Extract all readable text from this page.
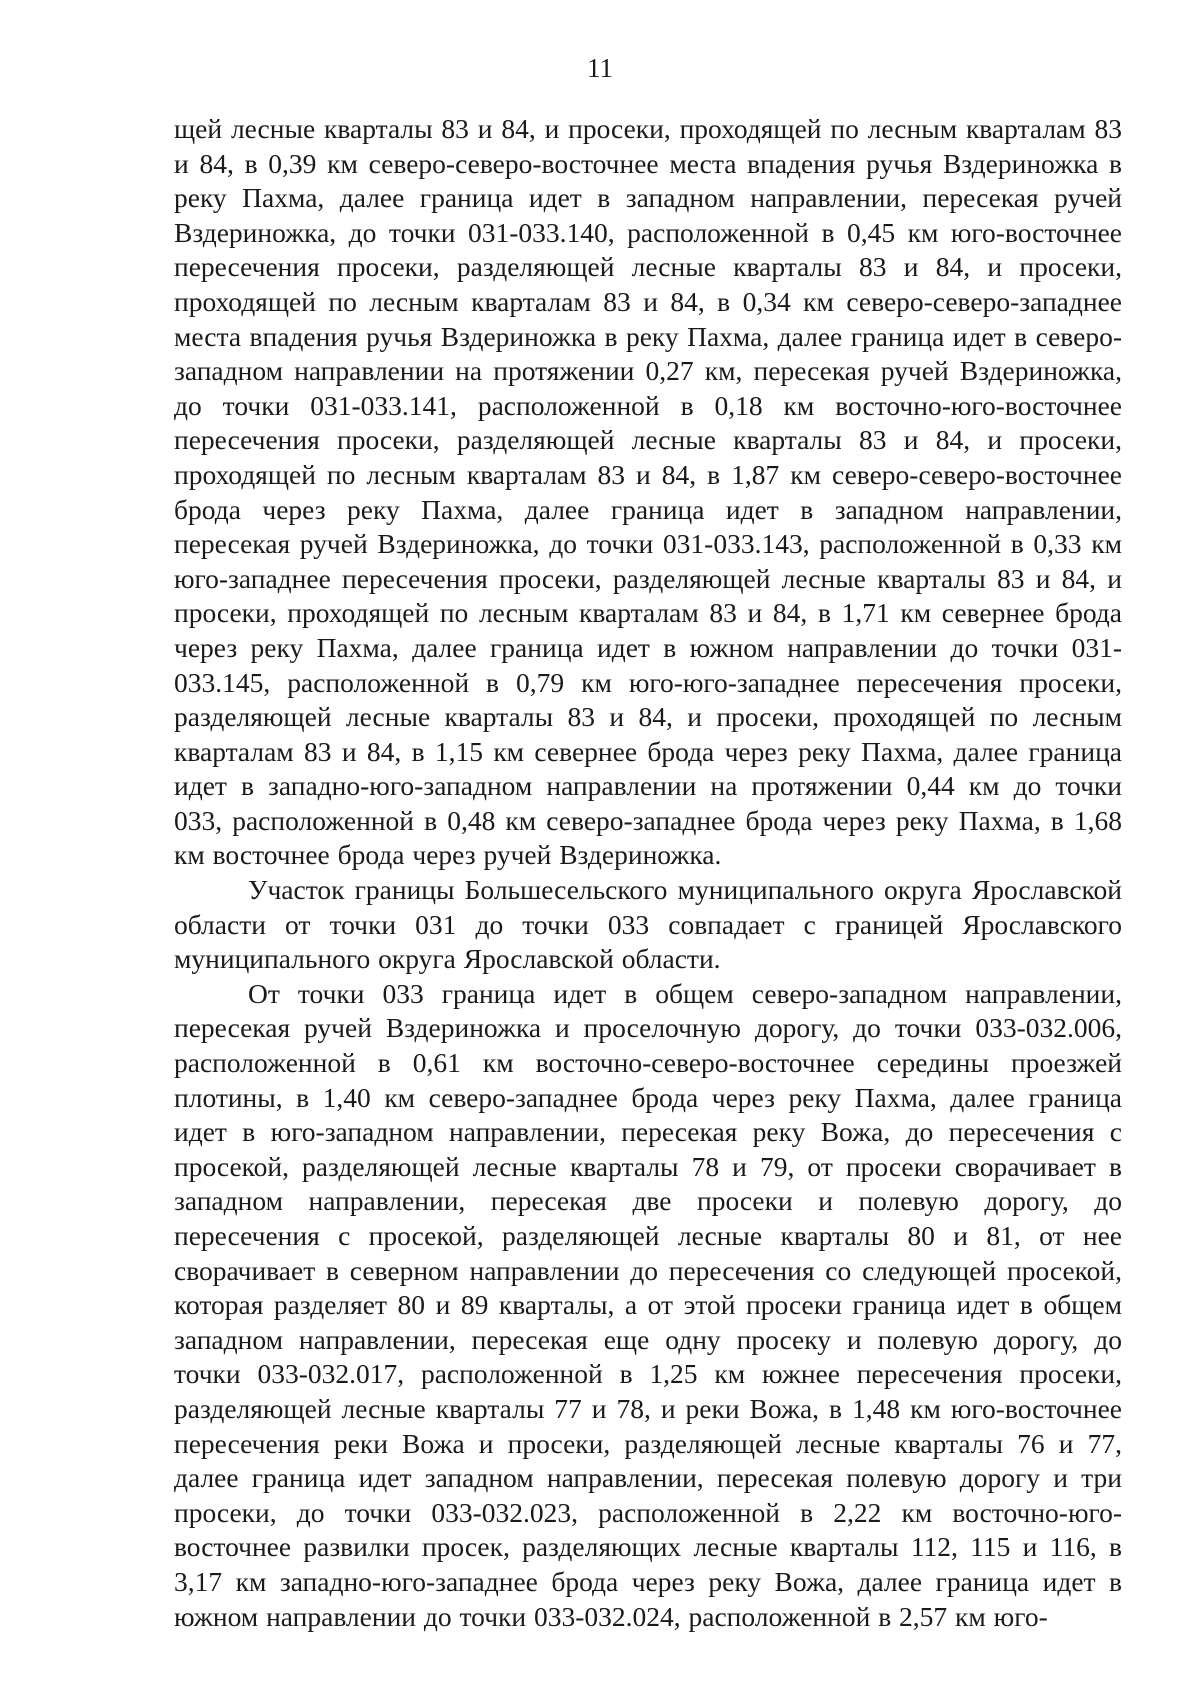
11

щей лесные кварталы 83 и 84, и просеки, проходящей по лесным кварталам 83 и 84, в 0,39 км северо-северо-восточнее места впадения ручья Вздериножка в реку Пахма, далее граница идет в западном направлении, пересекая ручей Вздериножка, до точки 031-033.140, расположенной в 0,45 км юго-восточнее пересечения просеки, разделяющей лесные кварталы 83 и 84, и просеки, проходящей по лесным кварталам 83 и 84, в 0,34 км северо-северо-западнее места впадения ручья Вздериножка в реку Пахма, далее граница идет в северо-западном направлении на протяжении 0,27 км, пересекая ручей Вздериножка, до точки 031-033.141, расположенной в 0,18 км восточно-юго-восточнее пересечения просеки, разделяющей лесные кварталы 83 и 84, и просеки, проходящей по лесным кварталам 83 и 84, в 1,87 км северо-северо-восточнее брода через реку Пахма, далее граница идет в западном направлении, пересекая ручей Вздериножка, до точки 031-033.143, расположенной в 0,33 км юго-западнее пересечения просеки, разделяющей лесные кварталы 83 и 84, и просеки, проходящей по лесным кварталам 83 и 84, в 1,71 км севернее брода через реку Пахма, далее граница идет в южном направлении до точки 031-033.145, расположенной в 0,79 км юго-юго-западнее пересечения просеки, разделяющей лесные кварталы 83 и 84, и просеки, проходящей по лесным кварталам 83 и 84, в 1,15 км севернее брода через реку Пахма, далее граница идет в западно-юго-западном направлении на протяжении 0,44 км до точки 033, расположенной в 0,48 км северо-западнее брода через реку Пахма, в 1,68 км восточнее брода через ручей Вздериножка.

Участок границы Большесельского муниципального округа Ярославской области от точки 031 до точки 033 совпадает с границей Ярославского муниципального округа Ярославской области.

От точки 033 граница идет в общем северо-западном направлении, пересекая ручей Вздериножка и проселочную дорогу, до точки 033-032.006, расположенной в 0,61 км восточно-северо-восточнее середины проезжей плотины, в 1,40 км северо-западнее брода через реку Пахма, далее граница идет в юго-западном направлении, пересекая реку Вожа, до пересечения с просекой, разделяющей лесные кварталы 78 и 79, от просеки сворачивает в западном направлении, пересекая две просеки и полевую дорогу, до пересечения с просекой, разделяющей лесные кварталы 80 и 81, от нее сворачивает в северном направлении до пересечения со следующей просекой, которая разделяет 80 и 89 кварталы, а от этой просеки граница идет в общем западном направлении, пересекая еще одну просеку и полевую дорогу, до точки 033-032.017, расположенной в 1,25 км южнее пересечения просеки, разделяющей лесные кварталы 77 и 78, и реки Вожа, в 1,48 км юго-восточнее пересечения реки Вожа и просеки, разделяющей лесные кварталы 76 и 77, далее граница идет западном направлении, пересекая полевую дорогу и три просеки, до точки 033-032.023, расположенной в 2,22 км восточно-юго-восточнее развилки просек, разделяющих лесные кварталы 112, 115 и 116, в 3,17 км западно-юго-западнее брода через реку Вожа, далее граница идет в южном направлении до точки 033-032.024, расположенной в 2,57 км юго-
